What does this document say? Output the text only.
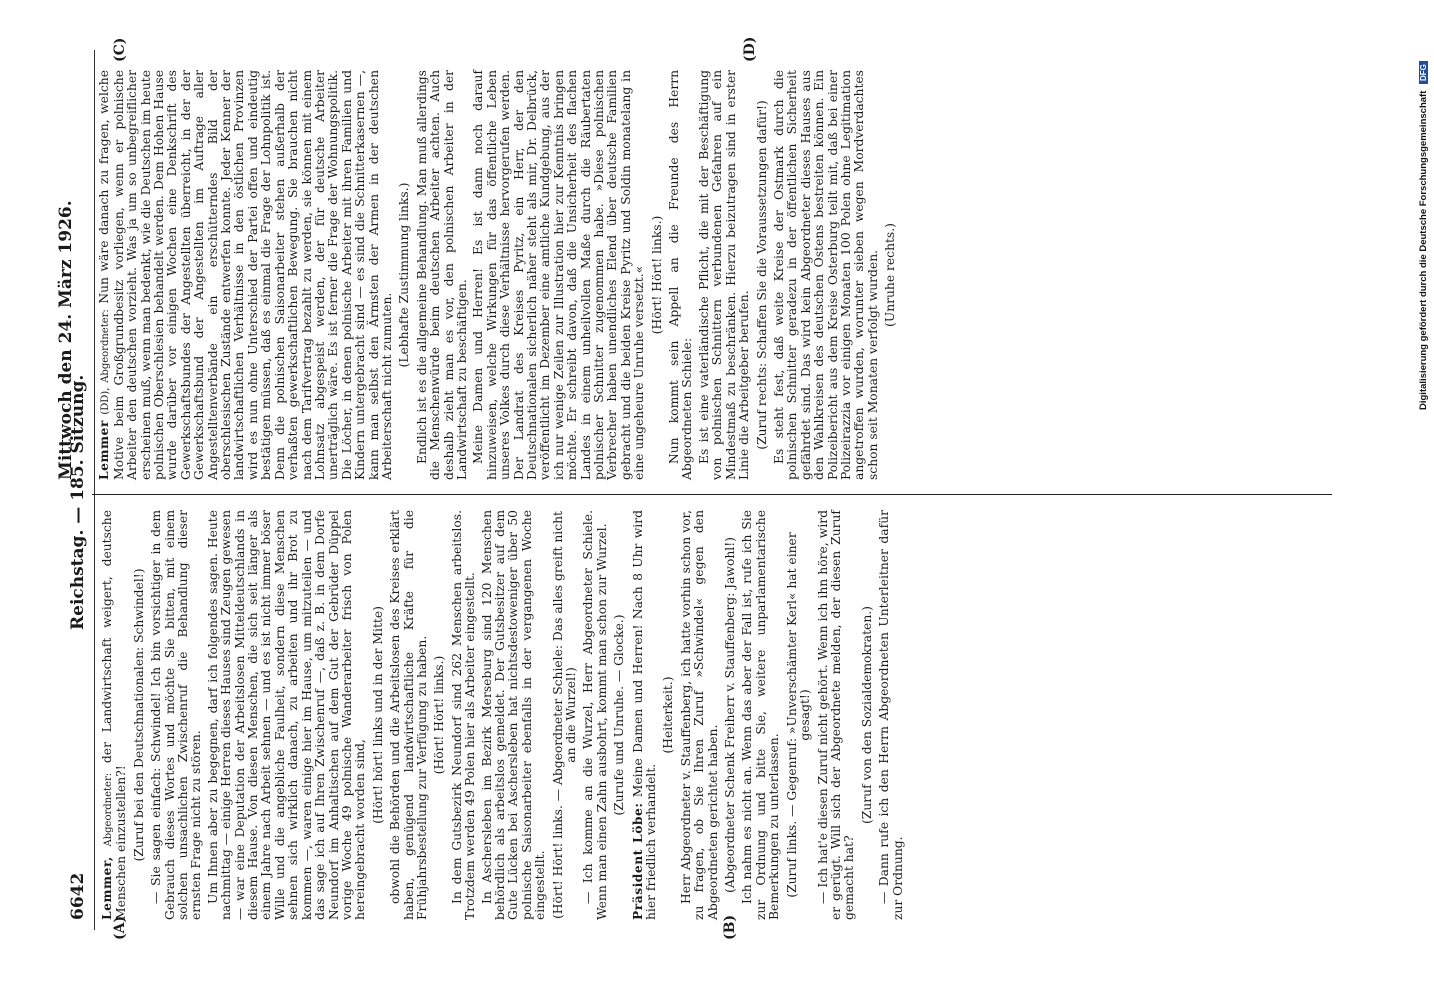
6642
Reichstag. — 185. Sitzung.

Lemmer, Abgeordneter: der Landwirtschaft weigert, deutsche Menschen einzustellen?! (Zuruf bei den Deutschnationalen: Schwindel!) — Sie sagen einfach: Schwindel! Ich bin vorsichtiger in dem Gebrauch dieses Wortes und möchte Sie bitten, mit einem solchen unsachlichen Zwischenruf die Behandlung dieser ernsten Frage nicht zu stören. Um Ihnen aber zu begegnen, darf ich folgendes sagen. Heute nachmittag — einige Herren dieses Hauses sind Zeugen gewesen — war eine Deputation der Arbeitslosen Mitteldeutschlands in diesem Hause. Von diesen Menschen, die sich seit länger als einem Jahre nach Arbeit sehnen — und es ist nicht immer böser Wille und die angebliche Faulheit, sondern diese Menschen sehnen sich wirklich danach, zu arbeiten und ihr Brot zu kommen —, waren einige hier im Hause, um mitzuteilen — und das sage ich auf Ihren Zwischenruf —, daß z. B. in dem Dorfe Neundorf im Anhaltischen auf dem Gut der Gebrüder Düppel vorige Woche 49 polnische Wanderarbeiter frisch von Polen hereingebracht worden sind,

(Hört! hört! links und in der Mitte) obwohl die Behörden und die Arbeitslosen des Kreises erklärt haben, genügend landwirtschaftliche Kräfte für die Frühjahrsbestellung zur Verfügung zu haben. (Hört! Hört! links.) In dem Gutsbezirk Neundorf sind 262 Menschen arbeitslos. Trotzdem werden 49 Polen hier als Arbeiter eingestellt. In Aschersleben im Bezirk Merseburg sind 120 Menschen behördlich als arbeitslos gemeldet. Der Gutsbesitzer auf dem Gute Lücken bei Aschersleben hat nichtsdestoweniger über 50 polnische Saisonarbeiter ebenfalls in der vergangenen Woche eingestellt. (Hört! Hört! links. — Abgeordneter Schiele: Das alles greift nicht an die Wurzel!) — Ich komme an die Wurzel, Herr Abgeordneter Schiele. Wenn man einen Zahn ausbohrt, kommt man schon zur Wurzel. (Zurufe und Unruhe. — Glocke.)

Präsident Löbe: Meine Damen und Herren! Nach 8 Uhr wird hier friedlich verhandelt.

(Heiterkeit.) Herr Abgeordneter v. Stauffenberg, ich hatte vorhin schon vor, zu fragen, ob Sie Ihren Zuruf »Schwindel« gegen den Abgeordneten gerichtet haben. (Abgeordneter Schenk Freiherr v. Stauffenberg: Jawohl!) Ich nahm es nicht an. Wenn das aber der Fall ist, rufe ich Sie zur Ordnung und bitte Sie, weitere unparlamentarische Bemerkungen zu unterlassen. (Zuruf links. — Gegenruf: »Unverschämter Kerl« hat einer gesagt!) — Ich hat'e diesen Zuruf nicht gehört. Wenn ich ihn höre, wird er gerügt. Will sich der Abgeordnete melden, der diesen Zuruf gemacht hat?

(Zuruf von den Sozialdemokraten.) — Dann rufe ich den Herrn Abgeordneten Unterleitner dafür zur Ordnung.

Mittwoch den 24. März 1926. Lemmer (DD), Abgeordneter: Nun wäre danach zu fragen, welche Motive beim Großgrundbesitz vorliegen, wenn er polnische Arbeiter den deutschen vorzieht. Was ja um so unbegreiflicher erscheinen muß, wenn man bedenkt, wie die Deutschen im heute polnischen Oberschlesien behandelt werden. Dem Hohen Hause wurde darüber vor einigen Wochen eine Denkschrift des Gewerkschaftsbundes der Angestellten überreicht, in der der Gewerkschaftsbund der Angestellten im Auftrage aller Angestelltenverbände ein erschütterndes Bild der oberschlesischen Zustände entwerfen konnte. Jeder Kenner der landwirtschaftlichen Verhältnisse in den östlichen Provinzen wird es nun ohne Unterschied der Partei offen und eindeutig bestätigen müssen, daß es einmal die Frage der Lohnpolitik ist. Denn die polnischen Saisonarbeiter stehen außerhalb der verhaßten gewerkschaftlichen Bewegung. Sie brauchen nicht nach dem Tarifvertrag bezahlt zu werden, sie können mit einem Lohnsatz abgespeist werden, der für deutsche Arbeiter unerträglich wäre. Es ist ferner die Frage der Wohnungspolitik. Die Löcher, in denen polnische Arbeiter mit ihren Familien und Kindern untergebracht sind — es sind die Schnitterkasernen —, kann man selbst den Ärmsten der Armen in der deutschen Arbeiterschaft nicht zumuten.

(Lebhafte Zustimmung links.) Endlich ist es die allgemeine Behandlung. Man muß allerdings die Menschenwürde beim deutschen Arbeiter achten. Auch deshalb zieht man es vor, den polnischen Arbeiter in der Landwirtschaft zu beschäftigen. Meine Damen und Herren! Es ist dann noch darauf hinzuweisen, welche Wirkungen für das öffentliche Leben unseres Volkes durch diese Verhältnisse hervorgerufen werden. Der Landrat des Kreises Pyritz, ein Herr, der den Deutschnationalen sicherlich näher steht als mir, Dr. Delbrück, veröffentlicht im Dezember eine amtliche Kundgebung, aus der ich nur wenige Zeilen zur Illustration hier zur Kenntnis bringen möchte. Er schreibt davon, daß die Unsicherheit des flachen Landes in einem unheilvollen Maße durch die Räubertaten polnischer Schnitter zugenommen habe. »Diese polnischen Verbrecher haben unendliches Elend über deutsche Familien gebracht und die beiden Kreise Pyritz und Soldin monatelang in eine ungeheure Unruhe versetzt.« (Hört! Hört! links.) Nun kommt sein Appell an die Freunde des Herrn Abgeordneten Schiele: Es ist eine vaterländische Pflicht, die mit der Beschäftigung von polnischen Schnittern verbundenen Gefahren auf ein Mindestmaß zu beschränken. Hierzu beizutragen sind in erster Linie die Arbeitgeber berufen. (Zuruf rechts: Schaffen Sie die Voraussetzungen dafür!) Es steht fest, daß weite Kreise der Ostmark durch die polnischen Schnitter geradezu in der öffentlichen Sicherheit gefährdet sind. Das wird kein Abgeordneter dieses Hauses aus den Wahlkreisen des deutschen Ostens bestreiten können. Ein Polizeibericht aus dem Kreise Osterburg teilt mit, daß bei einer Polizeirazzia vor einigen Monaten 100 Polen ohne Legitimation angetroffen wurden, worunter sieben wegen Mordverdachtes schon seit Monaten verfolgt wurden. (Unruhe rechts.)

(A)	(B)
(C)	(D)
Digitalisierung gefördert durch die Deutsche Forschungsgemeinschaft DFG
